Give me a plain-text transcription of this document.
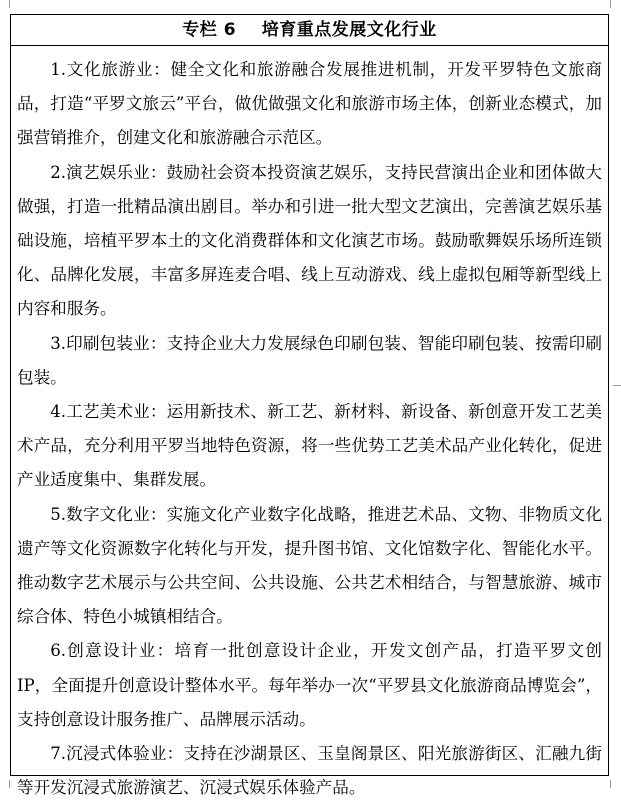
专栏 6    培育重点发展文化行业

1.文化旅游业：健全文化和旅游融合发展推进机制，开发平罗特色文旅商品，打造“平罗文旅云”平台，做优做强文化和旅游市场主体，创新业态模式，加强营销推介，创建文化和旅游融合示范区。

2.演艺娱乐业：鼓励社会资本投资演艺娱乐，支持民营演出企业和团体做大做强，打造一批精品演出剧目。举办和引进一批大型文艺演出，完善演艺娱乐基础设施，培植平罗本土的文化消费群体和文化演艺市场。鼓励歌舞娱乐场所连锁化、品牌化发展，丰富多屏连麦合唱、线上互动游戏、线上虚拟包厢等新型线上内容和服务。

3.印刷包装业：支持企业大力发展绿色印刷包装、智能印刷包装、按需印刷包装。

4.工艺美术业：运用新技术、新工艺、新材料、新设备、新创意开发工艺美术产品，充分利用平罗当地特色资源，将一些优势工艺美术品产业化转化，促进产业适度集中、集群发展。

5.数字文化业：实施文化产业数字化战略，推进艺术品、文物、非物质文化遗产等文化资源数字化转化与开发，提升图书馆、文化馆数字化、智能化水平。推动数字艺术展示与公共空间、公共设施、公共艺术相结合，与智慧旅游、城市综合体、特色小城镇相结合。

6.创意设计业：培育一批创意设计企业，开发文创产品，打造平罗文创 IP，全面提升创意设计整体水平。每年举办一次“平罗县文化旅游商品博览会”，支持创意设计服务推广、品牌展示活动。

7.沉浸式体验业：支持在沙湖景区、玉皇阁景区、阳光旅游街区、汇融九街等开发沉浸式旅游演艺、沉浸式娱乐体验产品。
